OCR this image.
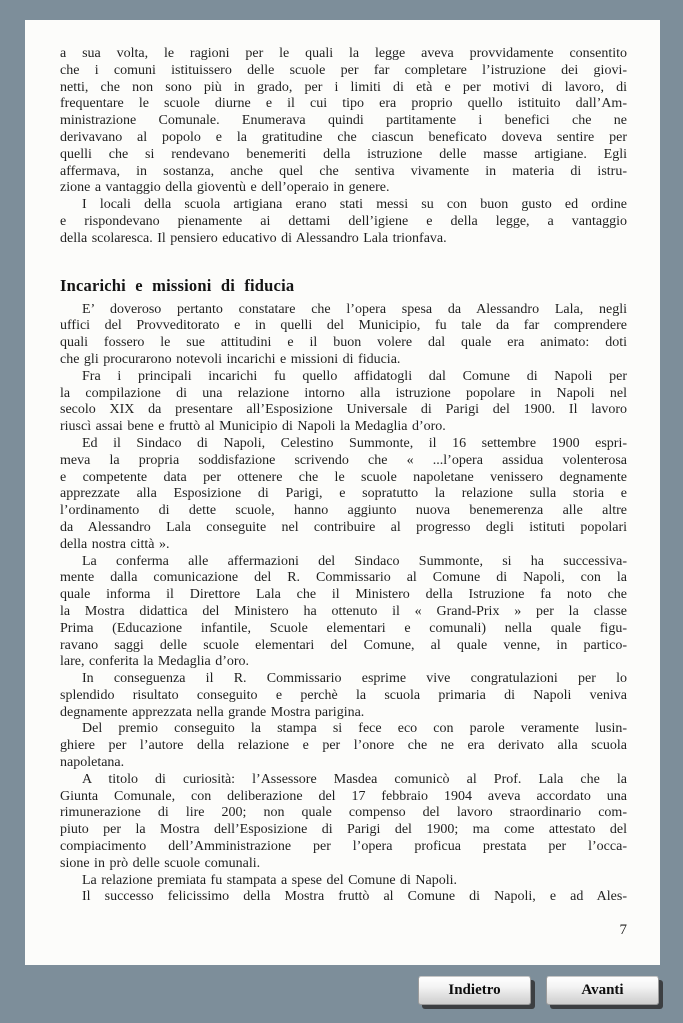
a sua volta, le ragioni per le quali la legge aveva provvidamente consentito
che i comuni istituissero delle scuole per far completare l’istruzione dei giovi-
netti, che non sono più in grado, per i limiti di età e per motivi di lavoro, di
frequentare le scuole diurne e il cui tipo era proprio quello istituito dall’Am-
ministrazione Comunale. Enumerava quindi partitamente i benefici che ne
derivavano al popolo e la gratitudine che ciascun beneficato doveva sentire per
quelli che si rendevano benemeriti della istruzione delle masse artigiane. Egli
affermava, in sostanza, anche quel che sentiva vivamente in materia di istru-
zione a vantaggio della gioventù e dell’operaio in genere.
I locali della scuola artigiana erano stati messi su con buon gusto ed ordine
e rispondevano pienamente ai dettami dell’igiene e della legge, a vantaggio
della scolaresca. Il pensiero educativo di Alessandro Lala trionfava.
Incarichi e missioni di fiducia
E’ doveroso pertanto constatare che l’opera spesa da Alessandro Lala, negli
uffici del Provveditorato e in quelli del Municipio, fu tale da far comprendere
quali fossero le sue attitudini e il buon volere dal quale era animato: doti
che gli procurarono notevoli incarichi e missioni di fiducia.
Fra i principali incarichi fu quello affidatogli dal Comune di Napoli per
la compilazione di una relazione intorno alla istruzione popolare in Napoli nel
secolo XIX da presentare all’Esposizione Universale di Parigi del 1900. Il lavoro
riuscì assai bene e fruttò al Municipio di Napoli la Medaglia d’oro.
Ed il Sindaco di Napoli, Celestino Summonte, il 16 settembre 1900 espri-
meva la propria soddisfazione scrivendo che « ...l’opera assidua volenterosa
e competente data per ottenere che le scuole napoletane venissero degnamente
apprezzate alla Esposizione di Parigi, e sopratutto la relazione sulla storia e
l’ordinamento di dette scuole, hanno aggiunto nuova benemerenza alle altre
da Alessandro Lala conseguite nel contribuire al progresso degli istituti popolari
della nostra città ».
La conferma alle affermazioni del Sindaco Summonte, si ha successiva-
mente dalla comunicazione del R. Commissario al Comune di Napoli, con la
quale informa il Direttore Lala che il Ministero della Istruzione fa noto che
la Mostra didattica del Ministero ha ottenuto il « Grand-Prix » per la classe
Prima (Educazione infantile, Scuole elementari e comunali) nella quale figu-
ravano saggi delle scuole elementari del Comune, al quale venne, in partico-
lare, conferita la Medaglia d’oro.
In conseguenza il R. Commissario esprime vive congratulazioni per lo
splendido risultato conseguito e perchè la scuola primaria di Napoli veniva
degnamente apprezzata nella grande Mostra parigina.
Del premio conseguito la stampa si fece eco con parole veramente lusin-
ghiere per l’autore della relazione e per l’onore che ne era derivato alla scuola
napoletana.
A titolo di curiosità: l’Assessore Masdea comunicò al Prof. Lala che la
Giunta Comunale, con deliberazione del 17 febbraio 1904 aveva accordato una
rimunerazione di lire 200; non quale compenso del lavoro straordinario com-
piuto per la Mostra dell’Esposizione di Parigi del 1900; ma come attestato del
compiacimento dell’Amministrazione per l’opera proficua prestata per l’occa-
sione in prò delle scuole comunali.
La relazione premiata fu stampata a spese del Comune di Napoli.
Il successo felicissimo della Mostra fruttò al Comune di Napoli, e ad Ales-
7
Indietro	Avanti
